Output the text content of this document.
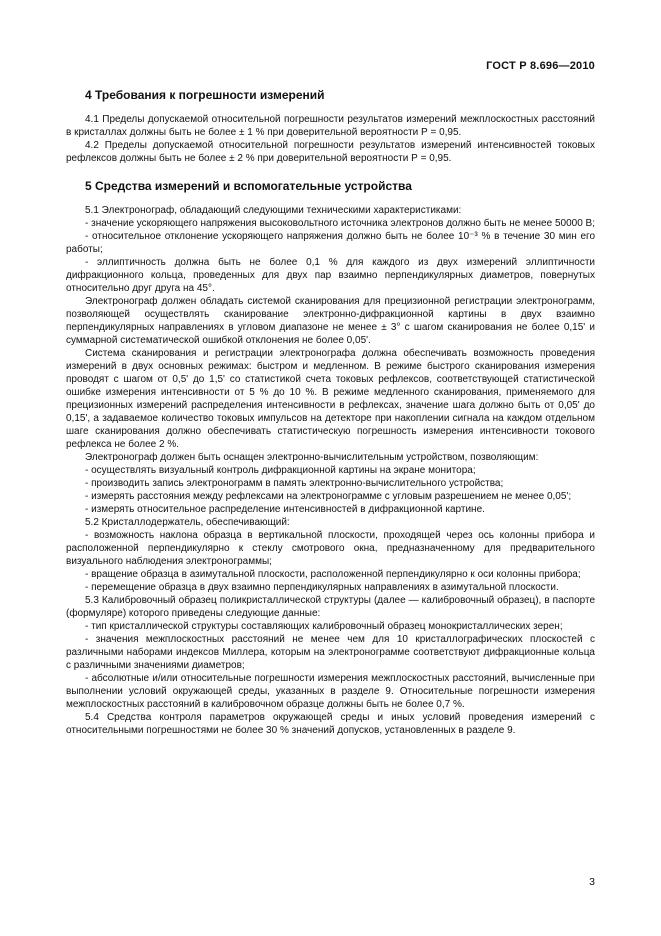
ГОСТ Р 8.696—2010
4 Требования к погрешности измерений

4.1 Пределы допускаемой относительной погрешности результатов измерений межплоскостных расстояний в кристаллах должны быть не более ± 1 % при доверительной вероятности Р = 0,95.

4.2 Пределы допускаемой относительной погрешности результатов измерений интенсивностей токовых рефлексов должны быть не более ± 2 % при доверительной вероятности Р = 0,95.

5 Средства измерений и вспомогательные устройства

5.1 Электронограф, обладающий следующими техническими характеристиками:

- значение ускоряющего напряжения высоковольтного источника электронов должно быть не менее 50000 В;

- относительное отклонение ускоряющего напряжения должно быть не более 10⁻³ % в течение 30 мин его работы;

- эллиптичность должна быть не более 0,1 % для каждого из двух измерений эллиптичности дифракционного кольца, проведенных для двух пар взаимно перпендикулярных диаметров, повернутых относительно друг друга на 45°.

Электронограф должен обладать системой сканирования для прецизионной регистрации электронограмм, позволяющей осуществлять сканирование электронно-дифракционной картины в двух взаимно перпендикулярных направлениях в угловом диапазоне не менее ± 3° с шагом сканирования не более 0,15' и суммарной систематической ошибкой отклонения не более 0,05'.

Система сканирования и регистрации электронографа должна обеспечивать возможность проведения измерений в двух основных режимах: быстром и медленном. В режиме быстрого сканирования измерения проводят с шагом от 0,5' до 1,5' со статистикой счета токовых рефлексов, соответствующей статистической ошибке измерения интенсивности от 5 % до 10 %. В режиме медленного сканирования, применяемого для прецизионных измерений распределения интенсивности в рефлексах, значение шага должно быть от 0,05' до 0,15', а задаваемое количество токовых импульсов на детекторе при накоплении сигнала на каждом отдельном шаге сканирования должно обеспечивать статистическую погрешность измерения интенсивности токового рефлекса не более 2 %.

Электронограф должен быть оснащен электронно-вычислительным устройством, позволяющим:

- осуществлять визуальный контроль дифракционной картины на экране монитора;

- производить запись электронограмм в память электронно-вычислительного устройства;

- измерять расстояния между рефлексами на электронограмме с угловым разрешением не менее 0,05';

- измерять относительное распределение интенсивностей в дифракционной картине.

5.2 Кристаллодержатель, обеспечивающий:

- возможность наклона образца в вертикальной плоскости, проходящей через ось колонны прибора и расположенной перпендикулярно к стеклу смотрового окна, предназначенному для предварительного визуального наблюдения электронограммы;

- вращение образца в азимутальной плоскости, расположенной перпендикулярно к оси колонны прибора;

- перемещение образца в двух взаимно перпендикулярных направлениях в азимутальной плоскости.

5.3 Калибровочный образец поликристаллической структуры (далее — калибровочный образец), в паспорте (формуляре) которого приведены следующие данные:

- тип кристаллической структуры составляющих калибровочный образец монокристаллических зерен;

- значения межплоскостных расстояний не менее чем для 10 кристаллографических плоскостей с различными наборами индексов Миллера, которым на электронограмме соответствуют дифракционные кольца с различными значениями диаметров;

- абсолютные и/или относительные погрешности измерения межплоскостных расстояний, вычисленные при выполнении условий окружающей среды, указанных в разделе 9. Относительные погрешности измерения межплоскостных расстояний в калибровочном образце должны быть не более 0,7 %.

5.4 Средства контроля параметров окружающей среды и иных условий проведения измерений с относительными погрешностями не более 30 % значений допусков, установленных в разделе 9.

3
